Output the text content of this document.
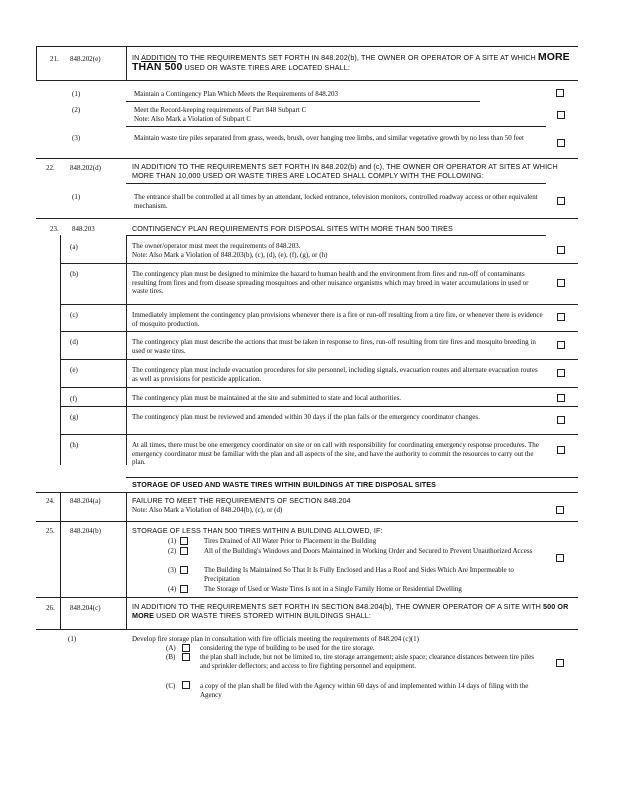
21. 848.202(e)	IN ADDITION TO THE REQUIREMENTS SET FORTH IN 848.202(b), THE OWNER OR OPERATOR OF A SITE AT WHICH MORE THAN 500 USED OR WASTE TIRES ARE LOCATED SHALL:
(1)	Maintain a Contingency Plan Which Meets the Requirements of 848.203
(2)	Meet the Record-keeping requirements of Part 848 Subpart C
Note: Also Mark a Violation of Subpart C
(3)	Maintain waste tire piles separated from grass, weeds, brush, over hanging tree limbs, and similar vegetative growth by no less than 50 feet
22. 848.202(d)	IN ADDITION TO THE REQUIREMENTS SET FORTH IN 848.202(b) and (c), THE OWNER OR OPERATOR AT SITES AT WHICH MORE THAN 10,000 USED OR WASTE TIRES ARE LOCATED SHALL COMPLY WITH THE FOLLOWING:
(1)	The entrance shall be controlled at all times by an attendant, locked entrance, television monitors, controlled roadway access or other equivalent mechanism.
23. 848.203	CONTINGENCY PLAN REQUIREMENTS FOR DISPOSAL SITES WITH MORE THAN 500 TIRES
(a)	The owner/operator must meet the requirements of 848.203.
Note: Also Mark a Violation of 848.203(b), (c), (d), (e), (f), (g), or (h)
(b)	The contingency plan must be designed to minimize the hazard to human health and the environment from fires and run-off of contaminants resulting from fires and from disease spreading mosquitoes and other nuisance organisms which may breed in water accumulations in used or waste tires.
(c)	Immediately implement the contingency plan provisions whenever there is a fire or run-off resulting from a tire fire, or whenever there is evidence of mosquito production.
(d)	The contingency plan must describe the actions that must be taken in response to fires, run-off resulting from tire fires and mosquito breeding in used or waste tires.
(e)	The contingency plan must include evacuation procedures for site personnel, including signals, evacuation routes and alternate evacuation routes as well as provisions for pesticide application.
(f)	The contingency plan must be maintained at the site and submitted to state and local authorities.
(g)	The contingency plan must be reviewed and amended within 30 days if the plan fails or the emergency coordinator changes.
(h)	At all times, there must be one emergency coordinator on site or on call with responsibility for coordinating emergency response procedures. The emergency coordinator must be familiar with the plan and all aspects of the site, and have the authority to commit the resources to carry out the plan.
STORAGE OF USED AND WASTE TIRES WITHIN BUILDINGS AT TIRE DISPOSAL SITES
24. 848.204(a)	FAILURE TO MEET THE REQUIREMENTS OF SECTION 848.204
Note: Also Mark a Violation of 848.204(b), (c), or (d)
25. 848.204(b)	STORAGE OF LESS THAN 500 TIRES WITHIN A BUILDING ALLOWED, IF:
(1)	Tires Drained of All Water Prior to Placement in the Building
(2)	All of the Building's Windows and Doors Maintained in Working Order and Secured to Prevent Unauthorized Access
(3)	The Building Is Maintained So That It Is Fully Enclosed and Has a Roof and Sides Which Are Impermeable to Precipitation
(4)	The Storage of Used or Waste Tires Is not in a Single Family Home or Residential Dwelling
26. 848.204(c)	IN ADDITION TO THE REQUIREMENTS SET FORTH IN SECTION 848.204(b), THE OWNER OPERATOR OF A SITE WITH 500 OR MORE USED OR WASTE TIRES STORED WITHIN BUILDINGS SHALL:
(1)	Develop fire storage plan in consultation with fire officials meeting the requirements of 848.204 (c)(1)
(A)	considering the type of building to be used for the tire storage.
(B)	the plan shall include, but not be limited to, tire storage arrangement; aisle space; clearance distances between tire piles and sprinkler deflectors; and access to fire fighting personnel and equipment.
(C)	a copy of the plan shall be filed with the Agency within 60 days of and implemented within 14 days of filing with the Agency
